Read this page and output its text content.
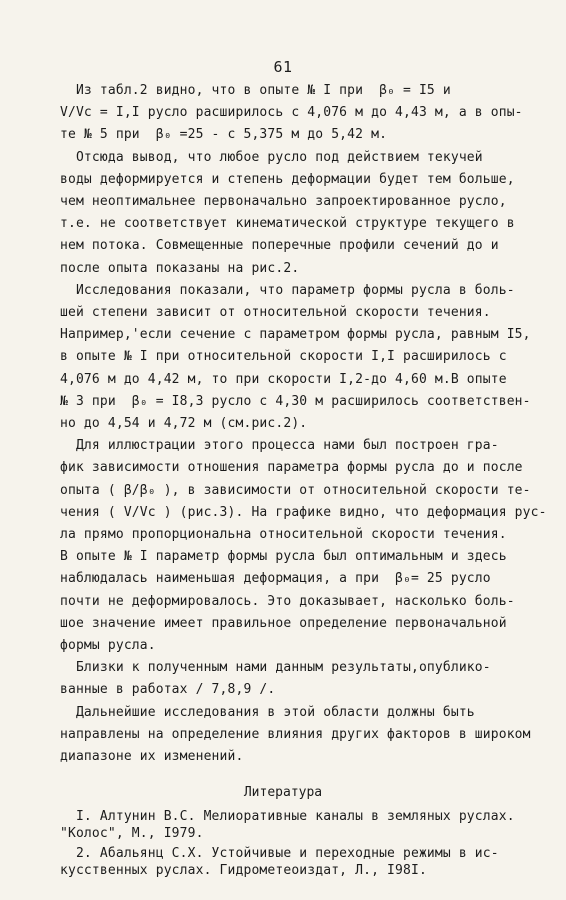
61
Из табл.2 видно, что в опыте № I при  β₀ = I5 и
V/Vс = I,I русло расширилось с 4,076 м до 4,43 м, а в опы-
те № 5 при  β₀ =25 - с 5,375 м до 5,42 м.
Отсюда вывод, что любое русло под действием текучей
воды деформируется и степень деформации будет тем больше,
чем неоптимальнее первоначально запроектированное русло,
т.е. не соответствует кинематической структуре текущего в
нем потока. Совмещенные поперечные профили сечений до и
после опыта показаны на рис.2.
Исследования показали, что параметр формы русла в боль-
шей степени зависит от относительной скорости течения.
Например,'если сечение с параметром формы русла, равным I5,
в опыте № I при относительной скорости I,I расширилось с
4,076 м до 4,42 м, то при скорости I,2-до 4,60 м.В опыте
№ 3 при  β₀ = I8,3 русло с 4,30 м расширилось соответствен-
но до 4,54 и 4,72 м (см.рис.2).
Для иллюстрации этого процесса нами был построен гра-
фик зависимости отношения параметра формы русла до и после
опыта ( β/β₀ ), в зависимости от относительной скорости те-
чения ( V/Vс ) (рис.3). На графике видно, что деформация рус-
ла прямо пропорциональна относительной скорости течения.
В опыте № I параметр формы русла был оптимальным и здесь
наблюдалась наименьшая деформация, а при  β₀= 25 русло
почти не деформировалось. Это доказывает, насколько боль-
шое значение имеет правильное определение первоначальной
формы русла.
Близки к полученным нами данным результаты,опублико-
ванные в работах / 7,8,9 /.
Дальнейшие исследования в этой области должны быть
направлены на определение влияния других факторов в широком
диапазоне их изменений.
Литература
I. Алтунин В.С. Мелиоративные каналы в земляных руслах.
"Колос", М., I979.
2. Абальянц С.Х. Устойчивые и переходные режимы в ис-
кусственных руслах. Гидрометеоиздат, Л., I98I.
